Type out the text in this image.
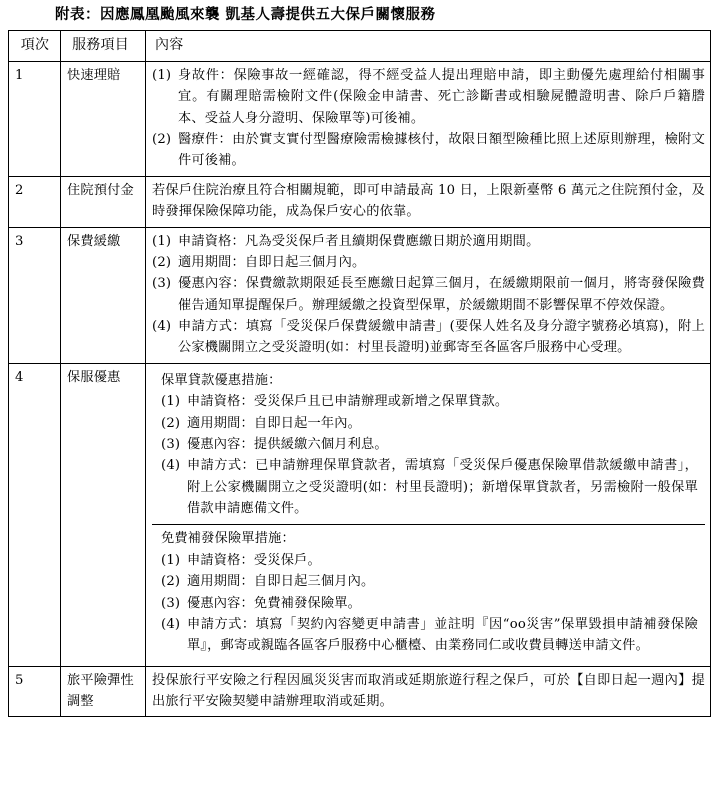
附表：因應鳳凰颱風來襲 凱基人壽提供五大保戶關懷服務
項次	服務項目	內容
1	快速理賠	(1) 身故件：保險事故一經確認，得不經受益人提出理賠申請，即主動優先處理給付相關事宜。有關理賠需檢附文件(保險金申請書、死亡診斷書或相驗屍體證明書、除戶戶籍謄本、受益人身分證明、保險單等)可後補。
(2) 醫療件：由於實支實付型醫療險需檢據核付，故限日額型險種比照上述原則辦理，檢附文件可後補。

2	住院預付金	若保戶住院治療且符合相關規範，即可申請最高 10 日，上限新臺幣 6 萬元之住院預付金，及時發揮保險保障功能，成為保戶安心的依靠。

3	保費緩繳	(1) 申請資格：凡為受災保戶者且續期保費應繳日期於適用期間。
(2) 適用期間：自即日起三個月內。
(3) 優惠內容：保費繳款期限延長至應繳日起算三個月，在緩繳期限前一個月，將寄發保險費催告通知單提醒保戶。辦理緩繳之投資型保單，於緩繳期間不影響保單不停效保證。
(4) 申請方式：填寫「受災保戶保費緩繳申請書」(要保人姓名及身分證字號務必填寫)，附上公家機關開立之受災證明(如：村里長證明)並郵寄至各區客戶服務中心受理。

4	保服優惠	保單貸款優惠措施：
(1) 申請資格：受災保戶且已申請辦理或新增之保單貸款。
(2) 適用期間：自即日起一年內。
(3) 優惠內容：提供緩繳六個月利息。
(4) 申請方式：已申請辦理保單貸款者，需填寫「受災保戶優惠保險單借款緩繳申請書」，附上公家機關開立之受災證明(如：村里長證明)；新增保單貸款者，另需檢附一般保單借款申請應備文件。
免費補發保險單措施：
(1) 申請資格：受災保戶。
(2) 適用期間：自即日起三個月內。
(3) 優惠內容：免費補發保險單。
(4) 申請方式：填寫「契約內容變更申請書」並註明『因“oo災害”保單毀損申請補發保險單』，郵寄或親臨各區客戶服務中心櫃檯、由業務同仁或收費員轉送申請文件。

5	旅平險彈性調整	投保旅行平安險之行程因風災災害而取消或延期旅遊行程之保戶，可於【自即日起一週內】提出旅行平安險契變申請辦理取消或延期。
